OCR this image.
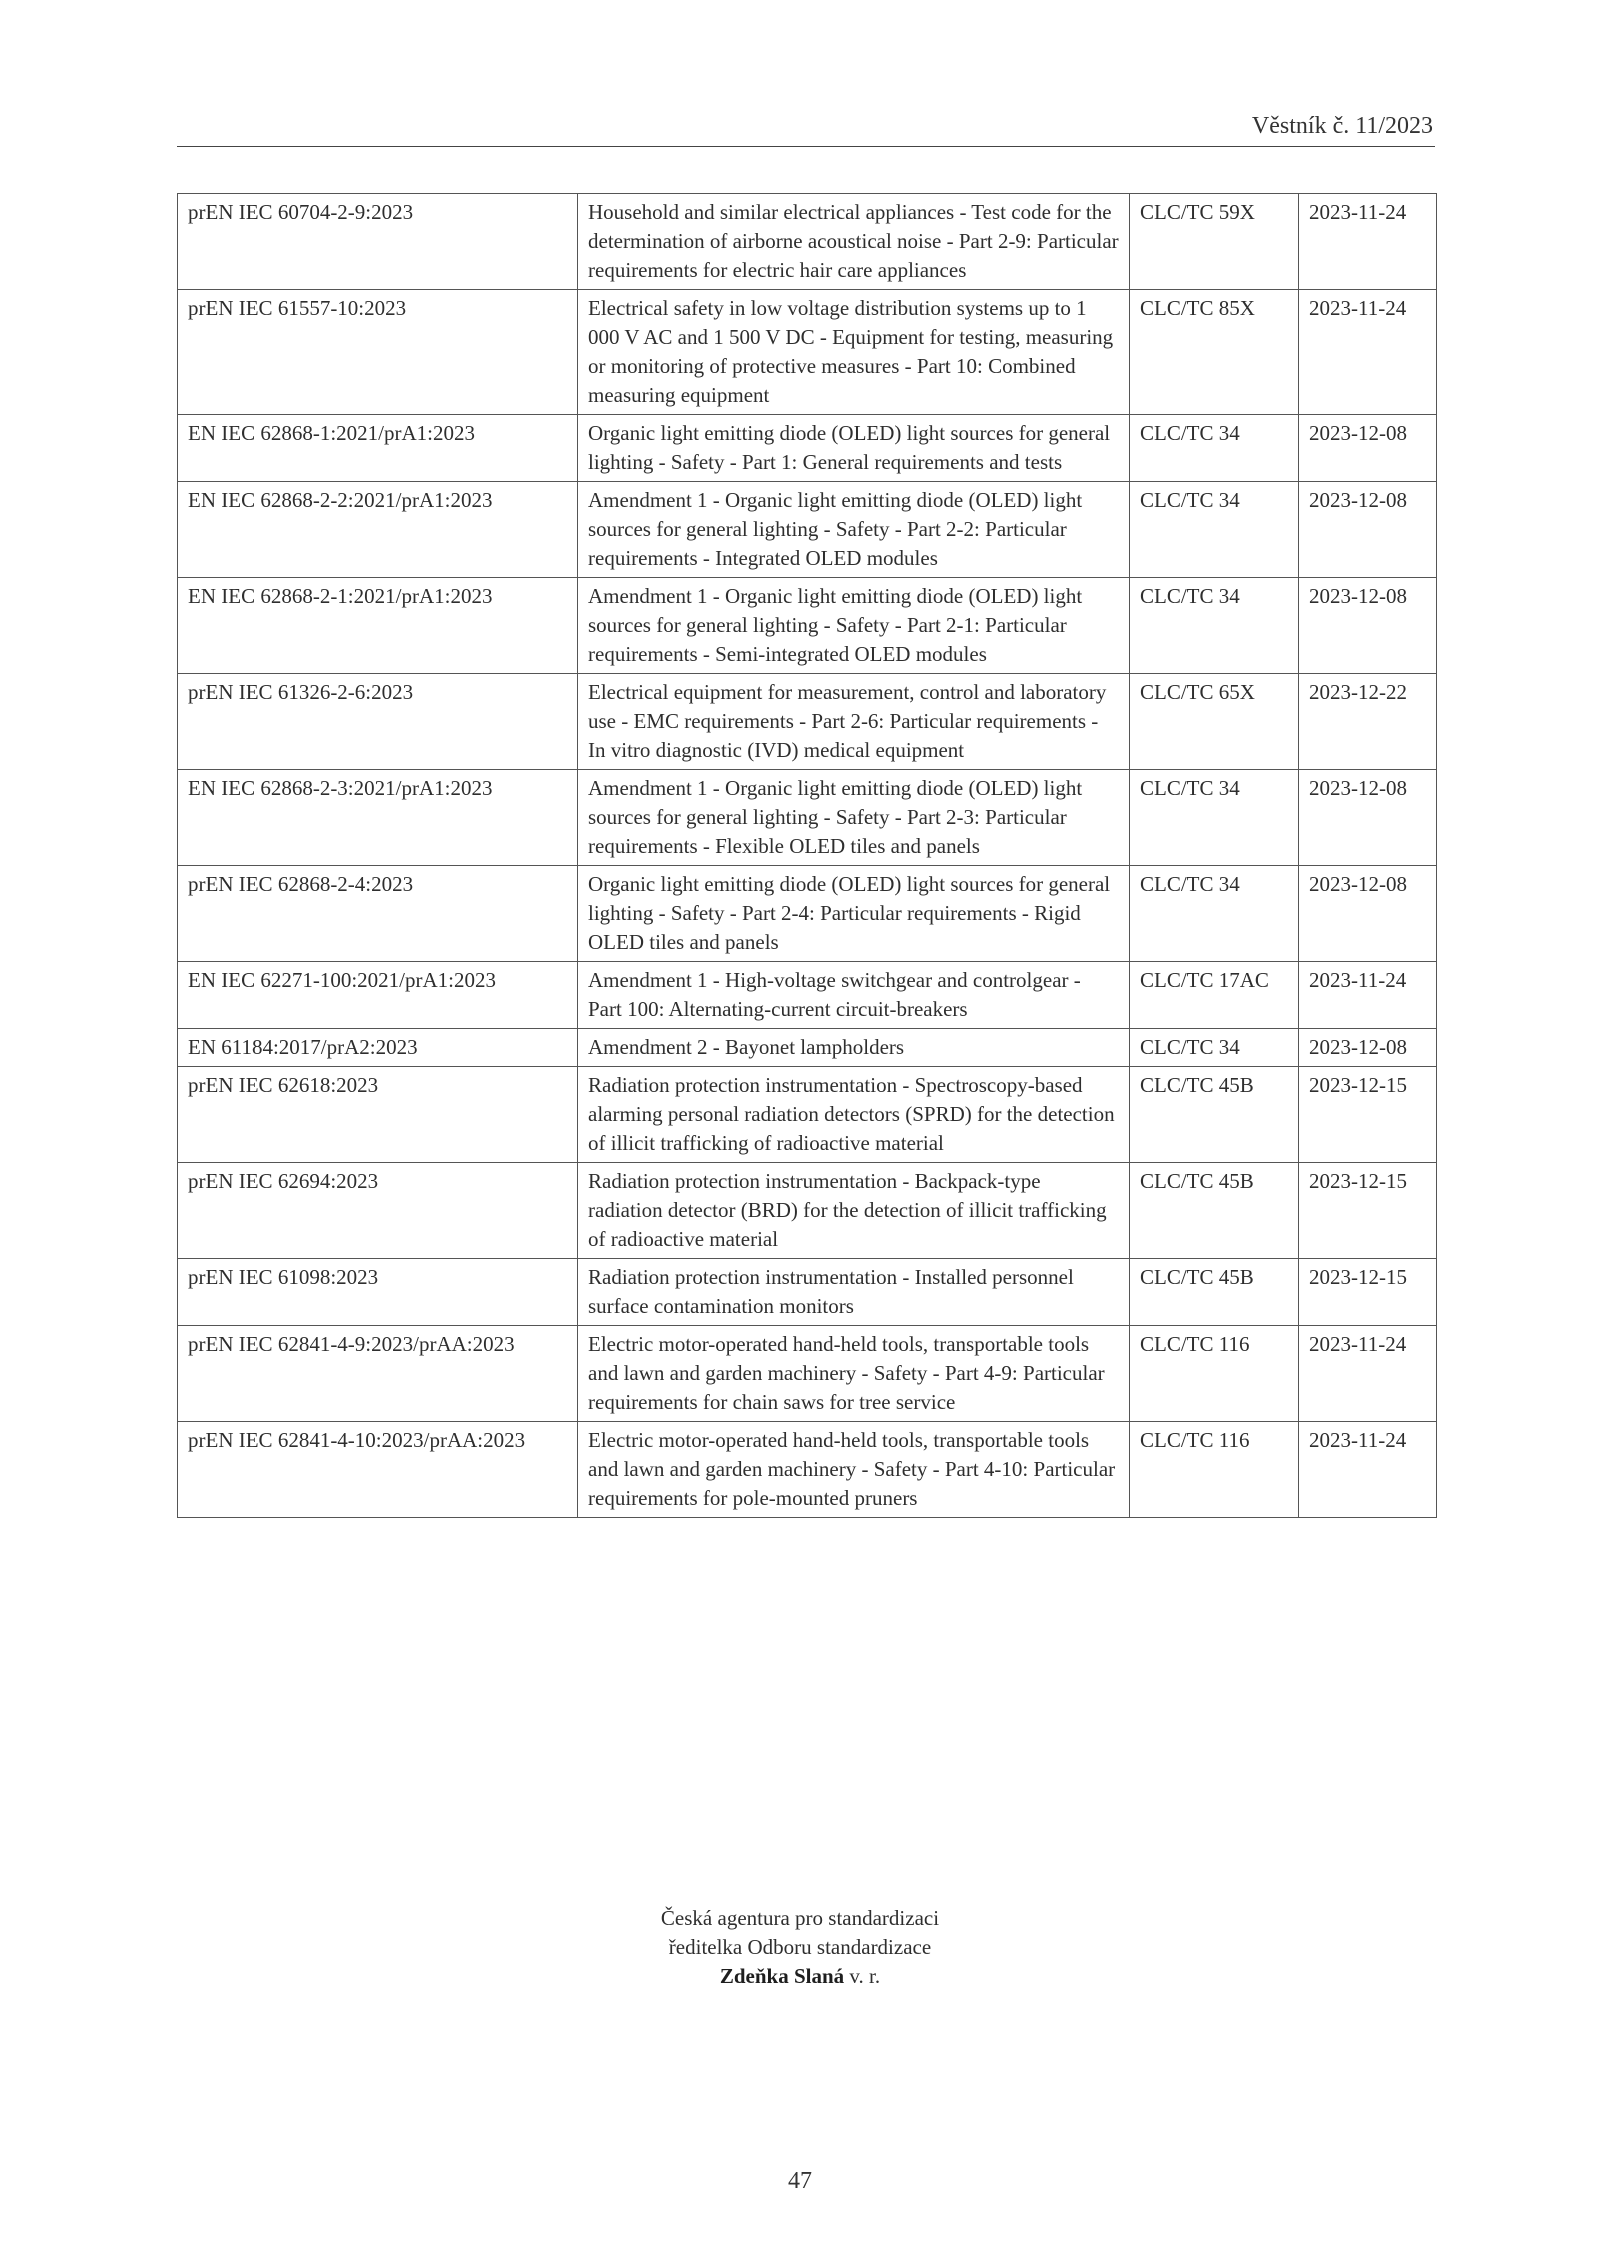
Věstník č. 11/2023
prEN IEC 60704-2-9:2023	Household and similar electrical appliances - Test code for the determination of airborne acoustical noise - Part 2-9: Particular requirements for electric hair care appliances	CLC/TC 59X	2023-11-24
prEN IEC 61557-10:2023	Electrical safety in low voltage distribution systems up to 1 000 V AC and 1 500 V DC - Equipment for testing, measuring or monitoring of protective measures - Part 10: Combined measuring equipment	CLC/TC 85X	2023-11-24
EN IEC 62868-1:2021/prA1:2023	Organic light emitting diode (OLED) light sources for general lighting - Safety - Part 1: General requirements and tests	CLC/TC 34	2023-12-08
EN IEC 62868-2-2:2021/prA1:2023	Amendment 1 - Organic light emitting diode (OLED) light sources for general lighting - Safety - Part 2-2: Particular requirements - Integrated OLED modules	CLC/TC 34	2023-12-08
EN IEC 62868-2-1:2021/prA1:2023	Amendment 1 - Organic light emitting diode (OLED) light sources for general lighting - Safety - Part 2-1: Particular requirements - Semi-integrated OLED modules	CLC/TC 34	2023-12-08
prEN IEC 61326-2-6:2023	Electrical equipment for measurement, control and laboratory use - EMC requirements - Part 2-6: Particular requirements - In vitro diagnostic (IVD) medical equipment	CLC/TC 65X	2023-12-22
EN IEC 62868-2-3:2021/prA1:2023	Amendment 1 - Organic light emitting diode (OLED) light sources for general lighting - Safety - Part 2-3: Particular requirements - Flexible OLED tiles and panels	CLC/TC 34	2023-12-08
prEN IEC 62868-2-4:2023	Organic light emitting diode (OLED) light sources for general lighting - Safety - Part 2-4: Particular requirements - Rigid OLED tiles and panels	CLC/TC 34	2023-12-08
EN IEC 62271-100:2021/prA1:2023	Amendment 1 - High-voltage switchgear and controlgear - Part 100: Alternating-current circuit-breakers	CLC/TC 17AC	2023-11-24
EN 61184:2017/prA2:2023	Amendment 2 - Bayonet lampholders	CLC/TC 34	2023-12-08
prEN IEC 62618:2023	Radiation protection instrumentation - Spectroscopy-based alarming personal radiation detectors (SPRD) for the detection of illicit trafficking of radioactive material	CLC/TC 45B	2023-12-15
prEN IEC 62694:2023	Radiation protection instrumentation - Backpack-type radiation detector (BRD) for the detection of illicit trafficking of radioactive material	CLC/TC 45B	2023-12-15
prEN IEC 61098:2023	Radiation protection instrumentation - Installed personnel surface contamination monitors	CLC/TC 45B	2023-12-15
prEN IEC 62841-4-9:2023/prAA:2023	Electric motor-operated hand-held tools, transportable tools and lawn and garden machinery - Safety - Part 4-9: Particular requirements for chain saws for tree service	CLC/TC 116	2023-11-24
prEN IEC 62841-4-10:2023/prAA:2023	Electric motor-operated hand-held tools, transportable tools and lawn and garden machinery - Safety - Part 4-10: Particular requirements for pole-mounted pruners	CLC/TC 116	2023-11-24
Česká agentura pro standardizaci
ředitelka Odboru standardizace
Zdeňka Slaná v. r.
47
